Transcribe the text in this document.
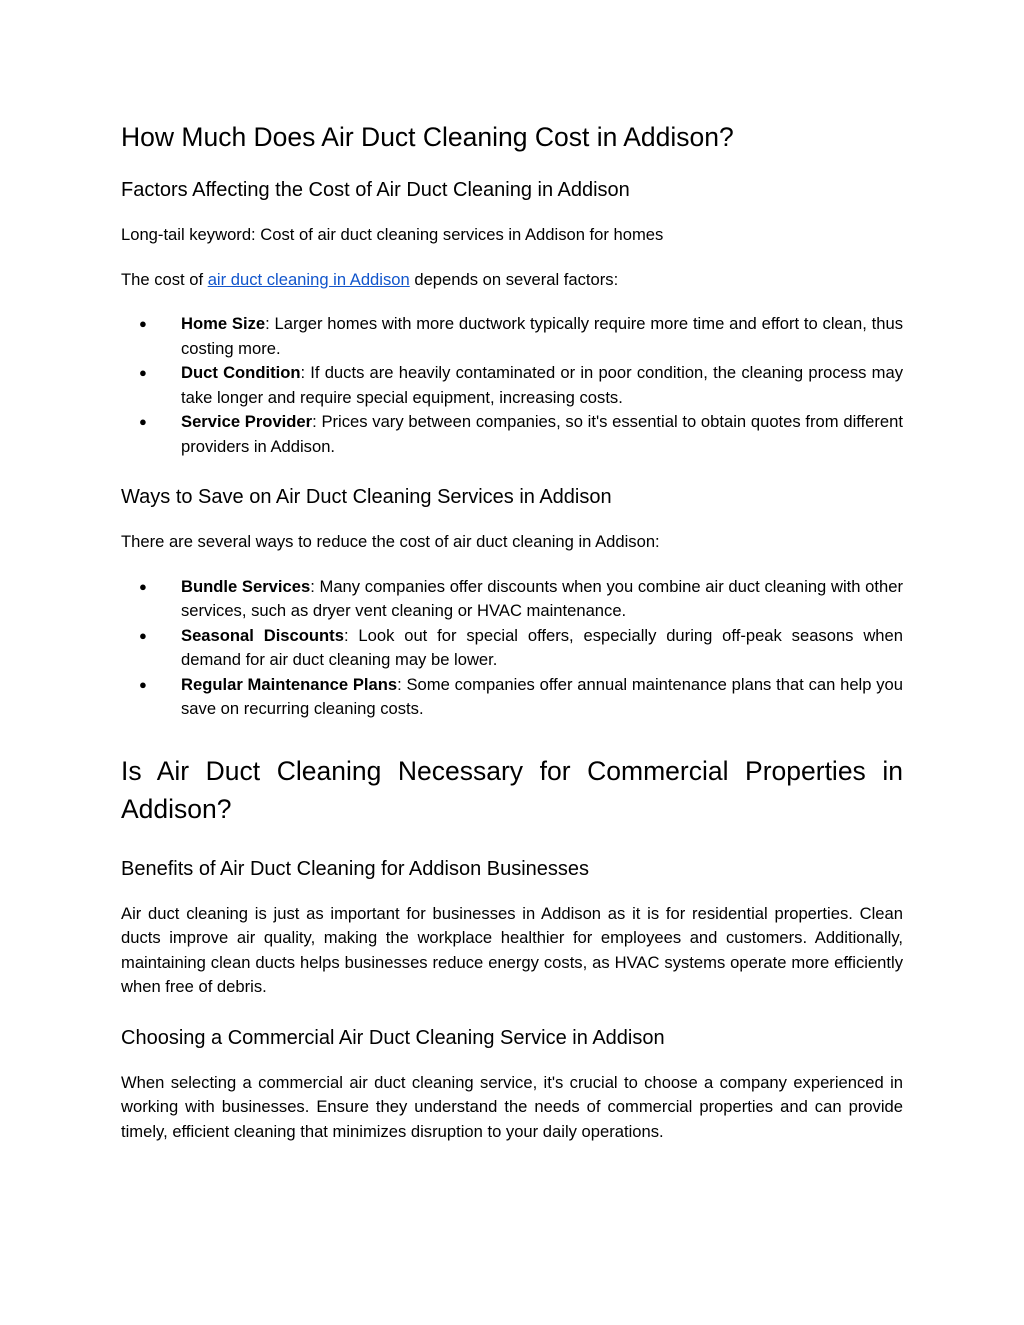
How Much Does Air Duct Cleaning Cost in Addison?
Factors Affecting the Cost of Air Duct Cleaning in Addison

Long-tail keyword: Cost of air duct cleaning services in Addison for homes

The cost of air duct cleaning in Addison depends on several factors:

● Home Size: Larger homes with more ductwork typically require more time and effort to clean, thus costing more.
● Duct Condition: If ducts are heavily contaminated or in poor condition, the cleaning process may take longer and require special equipment, increasing costs.
● Service Provider: Prices vary between companies, so it's essential to obtain quotes from different providers in Addison.
Ways to Save on Air Duct Cleaning Services in Addison

There are several ways to reduce the cost of air duct cleaning in Addison:

● Bundle Services: Many companies offer discounts when you combine air duct cleaning with other services, such as dryer vent cleaning or HVAC maintenance.
● Seasonal Discounts: Look out for special offers, especially during off-peak seasons when demand for air duct cleaning may be lower.
● Regular Maintenance Plans: Some companies offer annual maintenance plans that can help you save on recurring cleaning costs.
Is Air Duct Cleaning Necessary for Commercial Properties in Addison?
Benefits of Air Duct Cleaning for Addison Businesses

Air duct cleaning is just as important for businesses in Addison as it is for residential properties. Clean ducts improve air quality, making the workplace healthier for employees and customers. Additionally, maintaining clean ducts helps businesses reduce energy costs, as HVAC systems operate more efficiently when free of debris.

Choosing a Commercial Air Duct Cleaning Service in Addison

When selecting a commercial air duct cleaning service, it's crucial to choose a company experienced in working with businesses. Ensure they understand the needs of commercial properties and can provide timely, efficient cleaning that minimizes disruption to your daily operations.
